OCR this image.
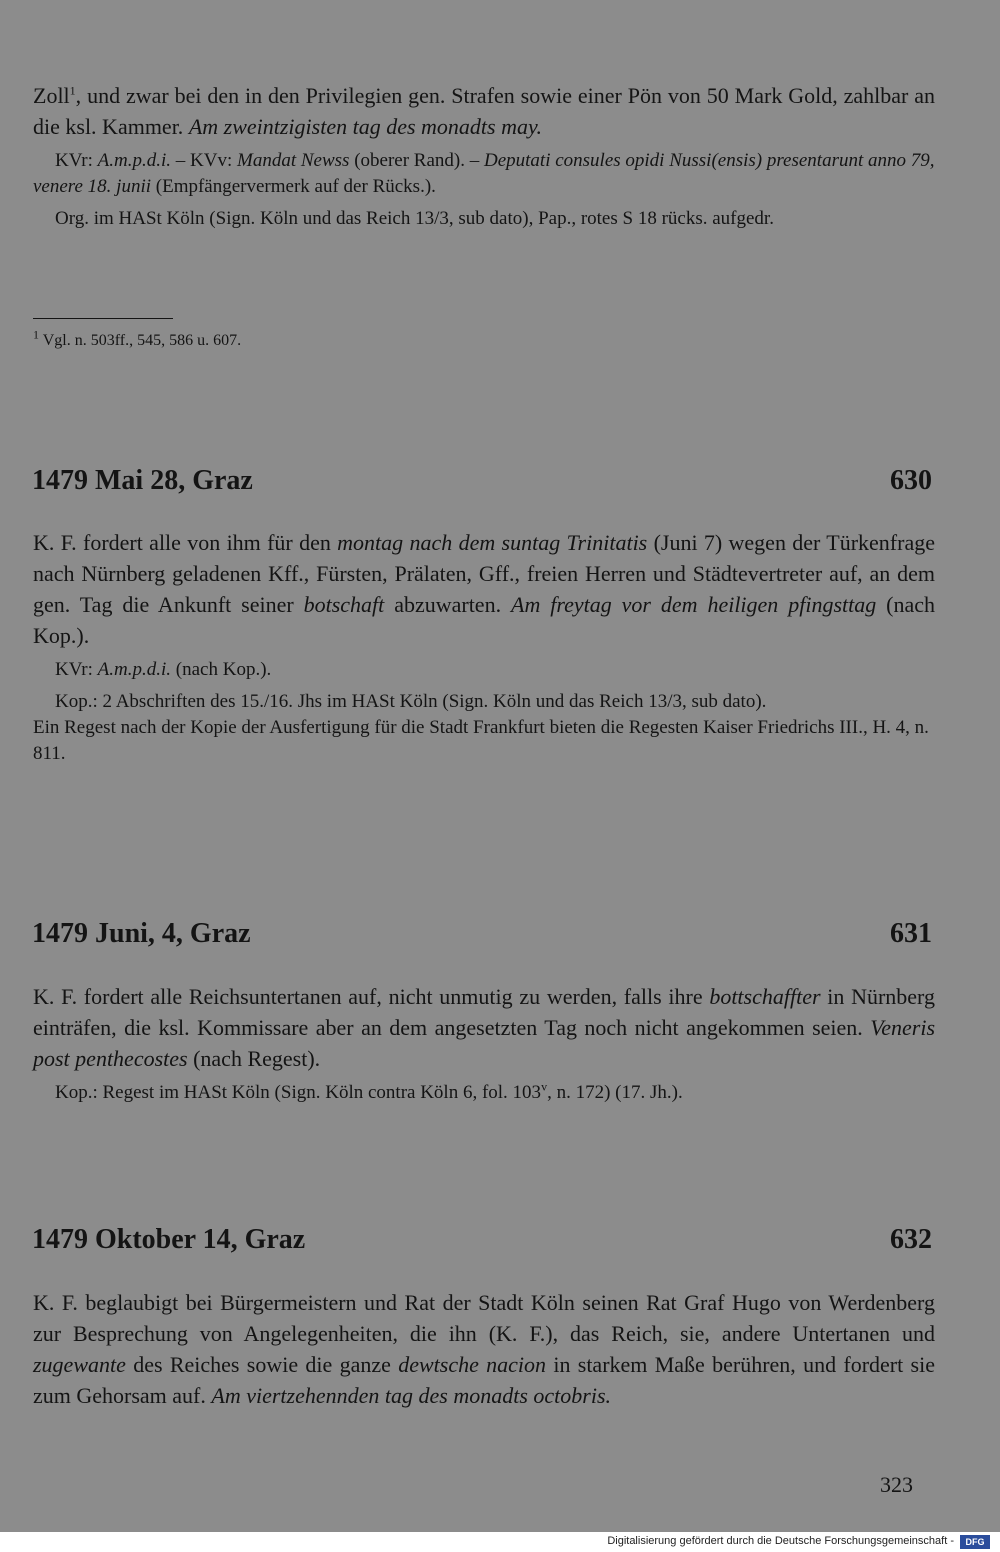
Zoll$^1$, und zwar bei den in den Privilegien gen. Strafen sowie einer Pön von 50 Mark Gold, zahlbar an die ksl. Kammer. Am zweintzigisten tag des monadts may.

KVr: A.m.p.d.i. – KVv: Mandat Newss (oberer Rand). – Deputati consules opidi Nussi(ensis) presentarunt anno 79, venere 18. junii (Empfängervermerk auf der Rücks.).

Org. im HASt Köln (Sign. Köln und das Reich 13/3, sub dato), Pap., rotes S 18 rücks. aufgedr.

$^1$ Vgl. n. 503ff., 545, 586 u. 607.
1479 Mai 28, Graz	630

K. F. fordert alle von ihm für den montag nach dem suntag Trinitatis (Juni 7) wegen der Türkenfrage nach Nürnberg geladenen Kff., Fürsten, Prälaten, Gff., freien Herren und Städtevertreter auf, an dem gen. Tag die Ankunft seiner botschaft abzuwarten. Am freytag vor dem heiligen pfingsttag (nach Kop.).

KVr: A.m.p.d.i. (nach Kop.).

Kop.: 2 Abschriften des 15./16. Jhs im HASt Köln (Sign. Köln und das Reich 13/3, sub dato).

Ein Regest nach der Kopie der Ausfertigung für die Stadt Frankfurt bieten die Regesten Kaiser Friedrichs III., H. 4, n. 811.

1479 Juni, 4, Graz	631

K. F. fordert alle Reichsuntertanen auf, nicht unmutig zu werden, falls ihre bottschaffter in Nürnberg einträfen, die ksl. Kommissare aber an dem angesetzten Tag noch nicht angekommen seien. Veneris post penthecostes (nach Regest).

Kop.: Regest im HASt Köln (Sign. Köln contra Köln 6, fol. 103$^v$, n. 172) (17. Jh.).

1479 Oktober 14, Graz	632

K. F. beglaubigt bei Bürgermeistern und Rat der Stadt Köln seinen Rat Graf Hugo von Werdenberg zur Besprechung von Angelegenheiten, die ihn (K. F.), das Reich, sie, andere Untertanen und zugewante des Reiches sowie die ganze dewtsche nacion in starkem Maße berühren, und fordert sie zum Gehorsam auf. Am viertzehennden tag des monadts octobris.

323
Digitalisierung gefördert durch die Deutsche Forschungsgemeinschaft -	DFG
